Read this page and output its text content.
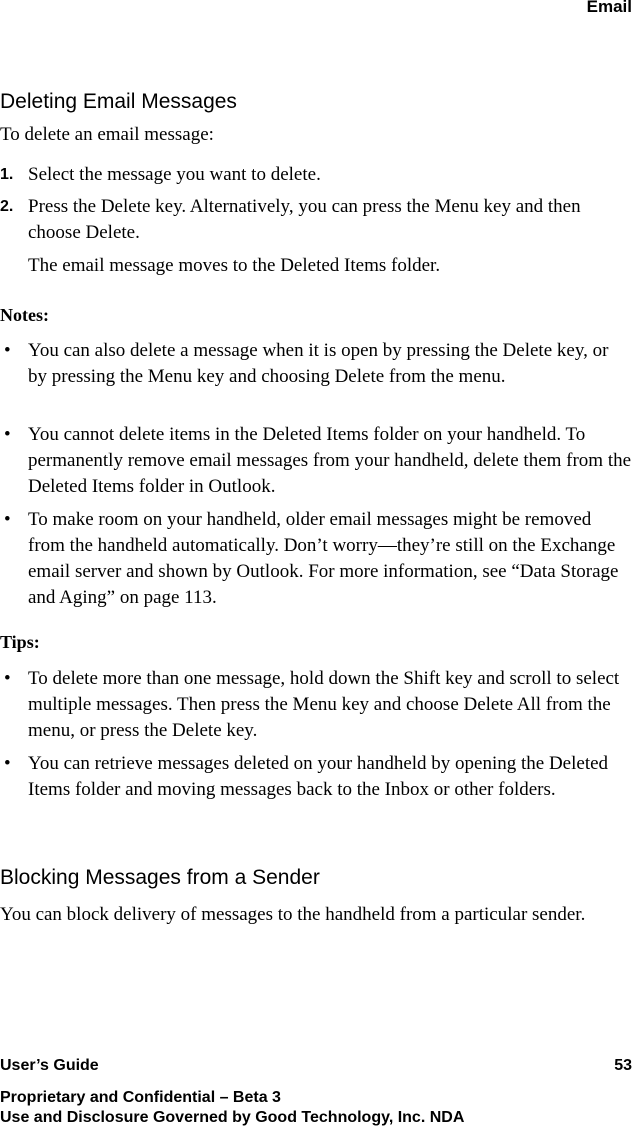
Email
Deleting Email Messages

To delete an email message:

1. Select the message you want to delete.
2. Press the Delete key. Alternatively, you can press the Menu key and then choose Delete.

The email message moves to the Deleted Items folder.

Notes:
• You can also delete a message when it is open by pressing the Delete key, or by pressing the Menu key and choosing Delete from the menu.
• You cannot delete items in the Deleted Items folder on your handheld. To permanently remove email messages from your handheld, delete them from the Deleted Items folder in Outlook.
• To make room on your handheld, older email messages might be removed from the handheld automatically. Don’t worry—they’re still on the Exchange email server and shown by Outlook. For more information, see “Data Storage and Aging” on page 113.
Tips:
• To delete more than one message, hold down the Shift key and scroll to select multiple messages. Then press the Menu key and choose Delete All from the menu, or press the Delete key.
• You can retrieve messages deleted on your handheld by opening the Deleted Items folder and moving messages back to the Inbox or other folders.
Blocking Messages from a Sender

You can block delivery of messages to the handheld from a particular sender.

User’s Guide	53
Proprietary and Confidential – Beta 3
Use and Disclosure Governed by Good Technology, Inc. NDA
